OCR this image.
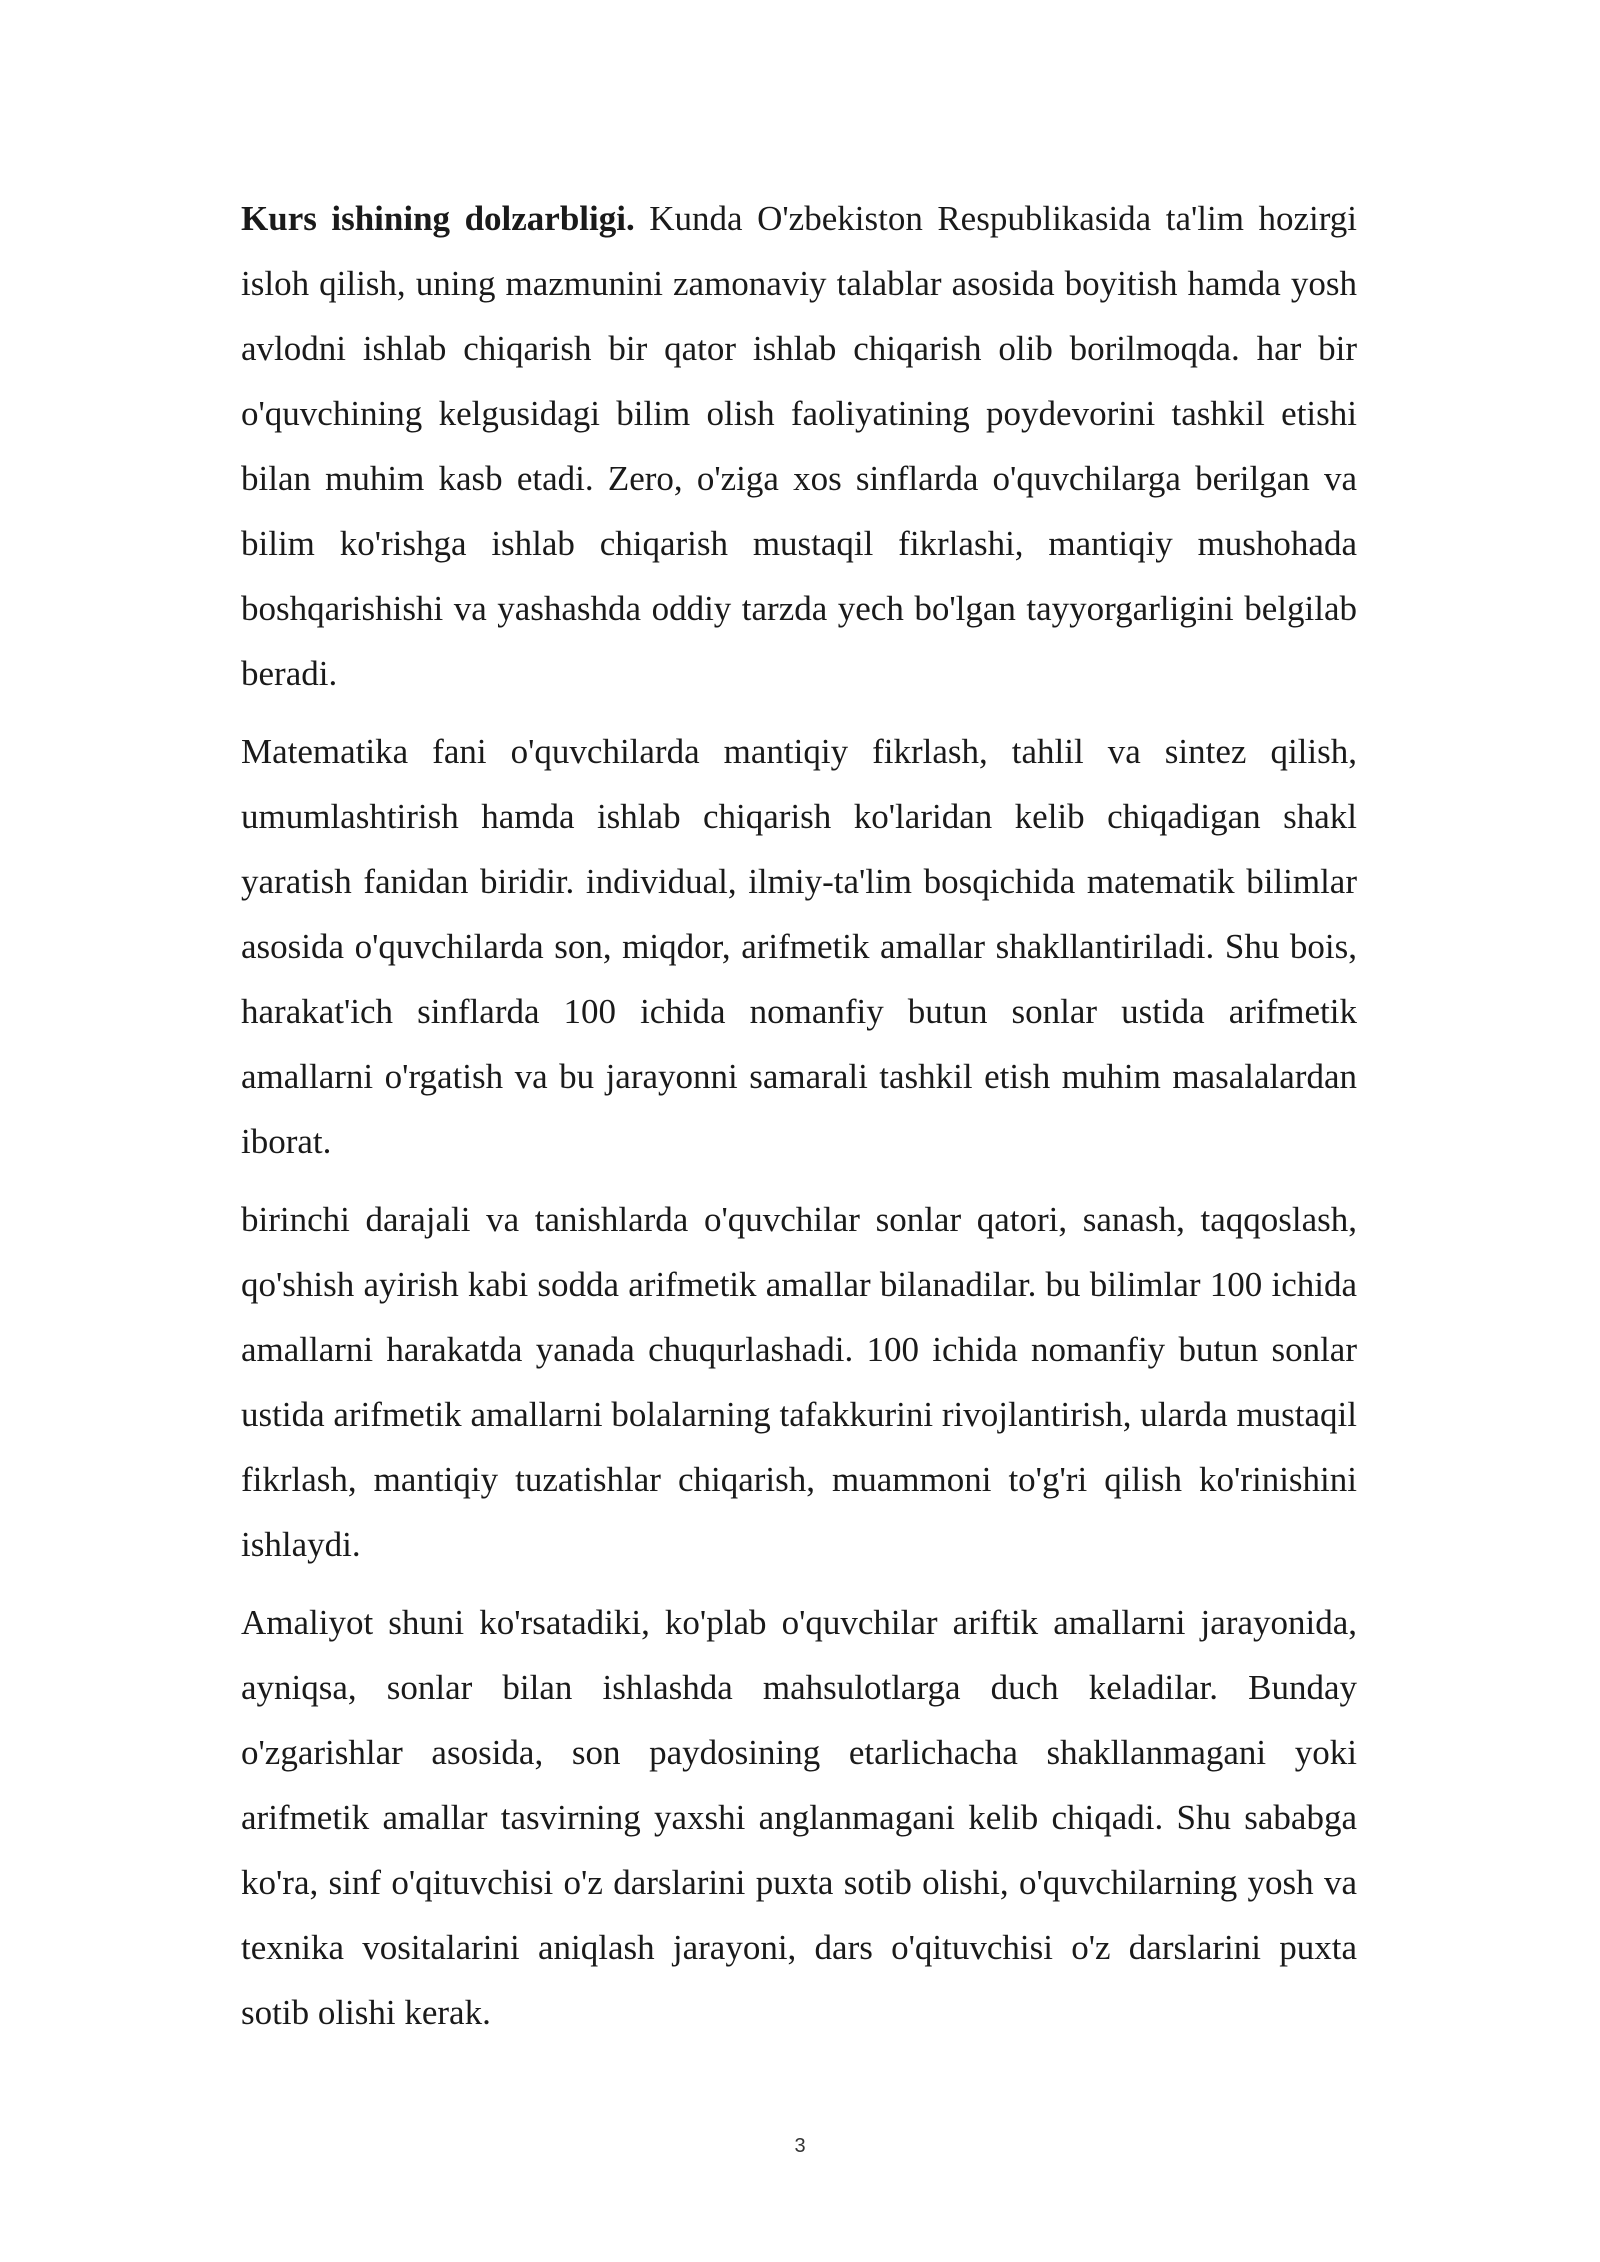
Kurs ishining dolzarbligi. Kunda O'zbekiston Respublikasida ta'lim hozirgi isloh qilish, uning mazmunini zamonaviy talablar asosida boyitish hamda yosh avlodni ishlab chiqarish bir qator ishlab chiqarish olib borilmoqda. har bir o'quvchining kelgusidagi bilim olish faoliyatining poydevorini tashkil etishi bilan muhim kasb etadi. Zero, o'ziga xos sinflarda o'quvchilarga berilgan va bilim ko'rishga ishlab chiqarish mustaqil fikrlashi, mantiqiy mushohada boshqarishishi va yashashda oddiy tarzda yech bo'lgan tayyorgarligini belgilab beradi.

Matematika fani o'quvchilarda mantiqiy fikrlash, tahlil va sintez qilish, umumlashtirish hamda ishlab chiqarish ko'laridan kelib chiqadigan shakl yaratish fanidan biridir. individual, ilmiy-ta'lim bosqichida matematik bilimlar asosida o'quvchilarda son, miqdor, arifmetik amallar shakllantiriladi. Shu bois, harakat'ich sinflarda 100 ichida nomanfiy butun sonlar ustida arifmetik amallarni o'rgatish va bu jarayonni samarali tashkil etish muhim masalalardan iborat.

birinchi darajali va tanishlarda o'quvchilar sonlar qatori, sanash, taqqoslash, qo'shish ayirish kabi sodda arifmetik amallar bilanadilar. bu bilimlar 100 ichida amallarni harakatda yanada chuqurlashadi. 100 ichida nomanfiy butun sonlar ustida arifmetik amallarni bolalarning tafakkurini rivojlantirish, ularda mustaqil fikrlash, mantiqiy tuzatishlar chiqarish, muammoni to'g'ri qilish ko'rinishini ishlaydi.

Amaliyot shuni ko'rsatadiki, ko'plab o'quvchilar ariftik amallarni jarayonida, ayniqsa, sonlar bilan ishlashda mahsulotlarga duch keladilar. Bunday o'zgarishlar asosida, son paydosining etarlichacha shakllanmagani yoki arifmetik amallar tasvirning yaxshi anglanmagani kelib chiqadi. Shu sababga ko'ra, sinf o'qituvchisi o'z darslarini puxta sotib olishi, o'quvchilarning yosh va texnika vositalarini aniqlash jarayoni, dars o'qituvchisi o'z darslarini puxta sotib olishi kerak.

3
